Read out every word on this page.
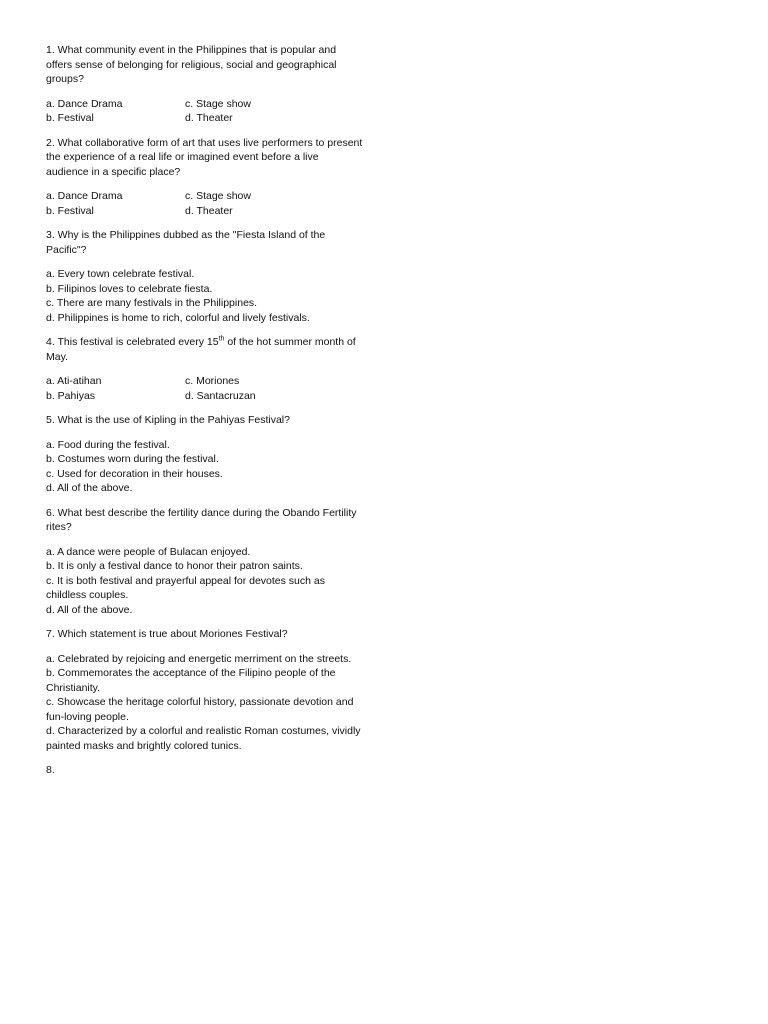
1. What community event in the Philippines that is popular and offers sense of belonging for religious, social and geographical groups?

a. Dance Drama	c. Stage show
b. Festival	d. Theater

2. What collaborative form of art that uses live performers to present the experience of a real life or imagined event before a live audience in a specific place?

a. Dance Drama	c. Stage show
b. Festival	d. Theater

3. Why is the Philippines dubbed as the "Fiesta Island of the Pacific"?

a. Every town celebrate festival.
b. Filipinos loves to celebrate fiesta.
c. There are many festivals in the Philippines.
d. Philippines is home to rich, colorful and lively festivals.

4. This festival is celebrated every 15th of the hot summer month of May.

a. Ati-atihan	c. Moriones
b. Pahiyas	d. Santacruzan

5. What is the use of Kipling in the Pahiyas Festival?

a. Food during the festival.
b. Costumes worn during the festival.
c. Used for decoration in their houses.
d. All of the above.

6. What best describe the fertility dance during the Obando Fertility rites?

a. A dance were people of Bulacan enjoyed.
b. It is only a festival dance to honor their patron saints.
c. It is both festival and prayerful appeal for devotes such as childless couples.
d. All of the above.

7. Which statement is true about Moriones Festival?

a. Celebrated by rejoicing and energetic merriment on the streets.
b. Commemorates the acceptance of the Filipino people of the Christianity.
c. Showcase the heritage colorful history, passionate devotion and fun-loving people.
d. Characterized by a colorful and realistic Roman costumes, vividly painted masks and brightly colored tunics.

8.
